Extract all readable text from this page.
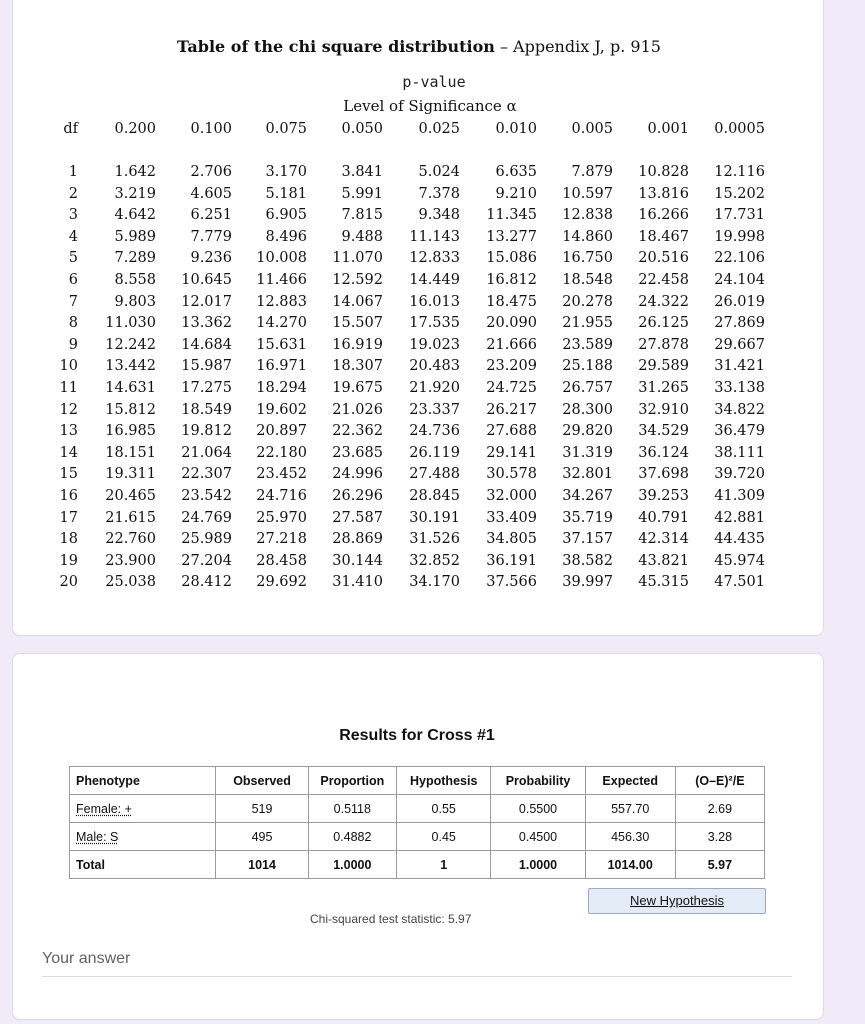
Table of the chi square distribution – Appendix J, p. 915
p-value
Level of Significance α
df	0.200	0.100	0.075	0.050	0.025	0.010	0.005	0.001	0.0005
1	1.642	2.706	3.170	3.841	5.024	6.635	7.879	10.828	12.116
2	3.219	4.605	5.181	5.991	7.378	9.210	10.597	13.816	15.202
3	4.642	6.251	6.905	7.815	9.348	11.345	12.838	16.266	17.731
4	5.989	7.779	8.496	9.488	11.143	13.277	14.860	18.467	19.998
5	7.289	9.236	10.008	11.070	12.833	15.086	16.750	20.516	22.106
6	8.558	10.645	11.466	12.592	14.449	16.812	18.548	22.458	24.104
7	9.803	12.017	12.883	14.067	16.013	18.475	20.278	24.322	26.019
8	11.030	13.362	14.270	15.507	17.535	20.090	21.955	26.125	27.869
9	12.242	14.684	15.631	16.919	19.023	21.666	23.589	27.878	29.667
10	13.442	15.987	16.971	18.307	20.483	23.209	25.188	29.589	31.421
11	14.631	17.275	18.294	19.675	21.920	24.725	26.757	31.265	33.138
12	15.812	18.549	19.602	21.026	23.337	26.217	28.300	32.910	34.822
13	16.985	19.812	20.897	22.362	24.736	27.688	29.820	34.529	36.479
14	18.151	21.064	22.180	23.685	26.119	29.141	31.319	36.124	38.111
15	19.311	22.307	23.452	24.996	27.488	30.578	32.801	37.698	39.720
16	20.465	23.542	24.716	26.296	28.845	32.000	34.267	39.253	41.309
17	21.615	24.769	25.970	27.587	30.191	33.409	35.719	40.791	42.881
18	22.760	25.989	27.218	28.869	31.526	34.805	37.157	42.314	44.435
19	23.900	27.204	28.458	30.144	32.852	36.191	38.582	43.821	45.974
20	25.038	28.412	29.692	31.410	34.170	37.566	39.997	45.315	47.501
Results for Cross #1
Phenotype	Observed	Proportion	Hypothesis	Probability	Expected	(O–E)²/E
Female: +	519	0.5118	0.55	0.5500	557.70	2.69
Male: S	495	0.4882	0.45	0.4500	456.30	3.28
Total	1014	1.0000	1	1.0000	1014.00	5.97
New Hypothesis
Chi-squared test statistic: 5.97
Your answer
